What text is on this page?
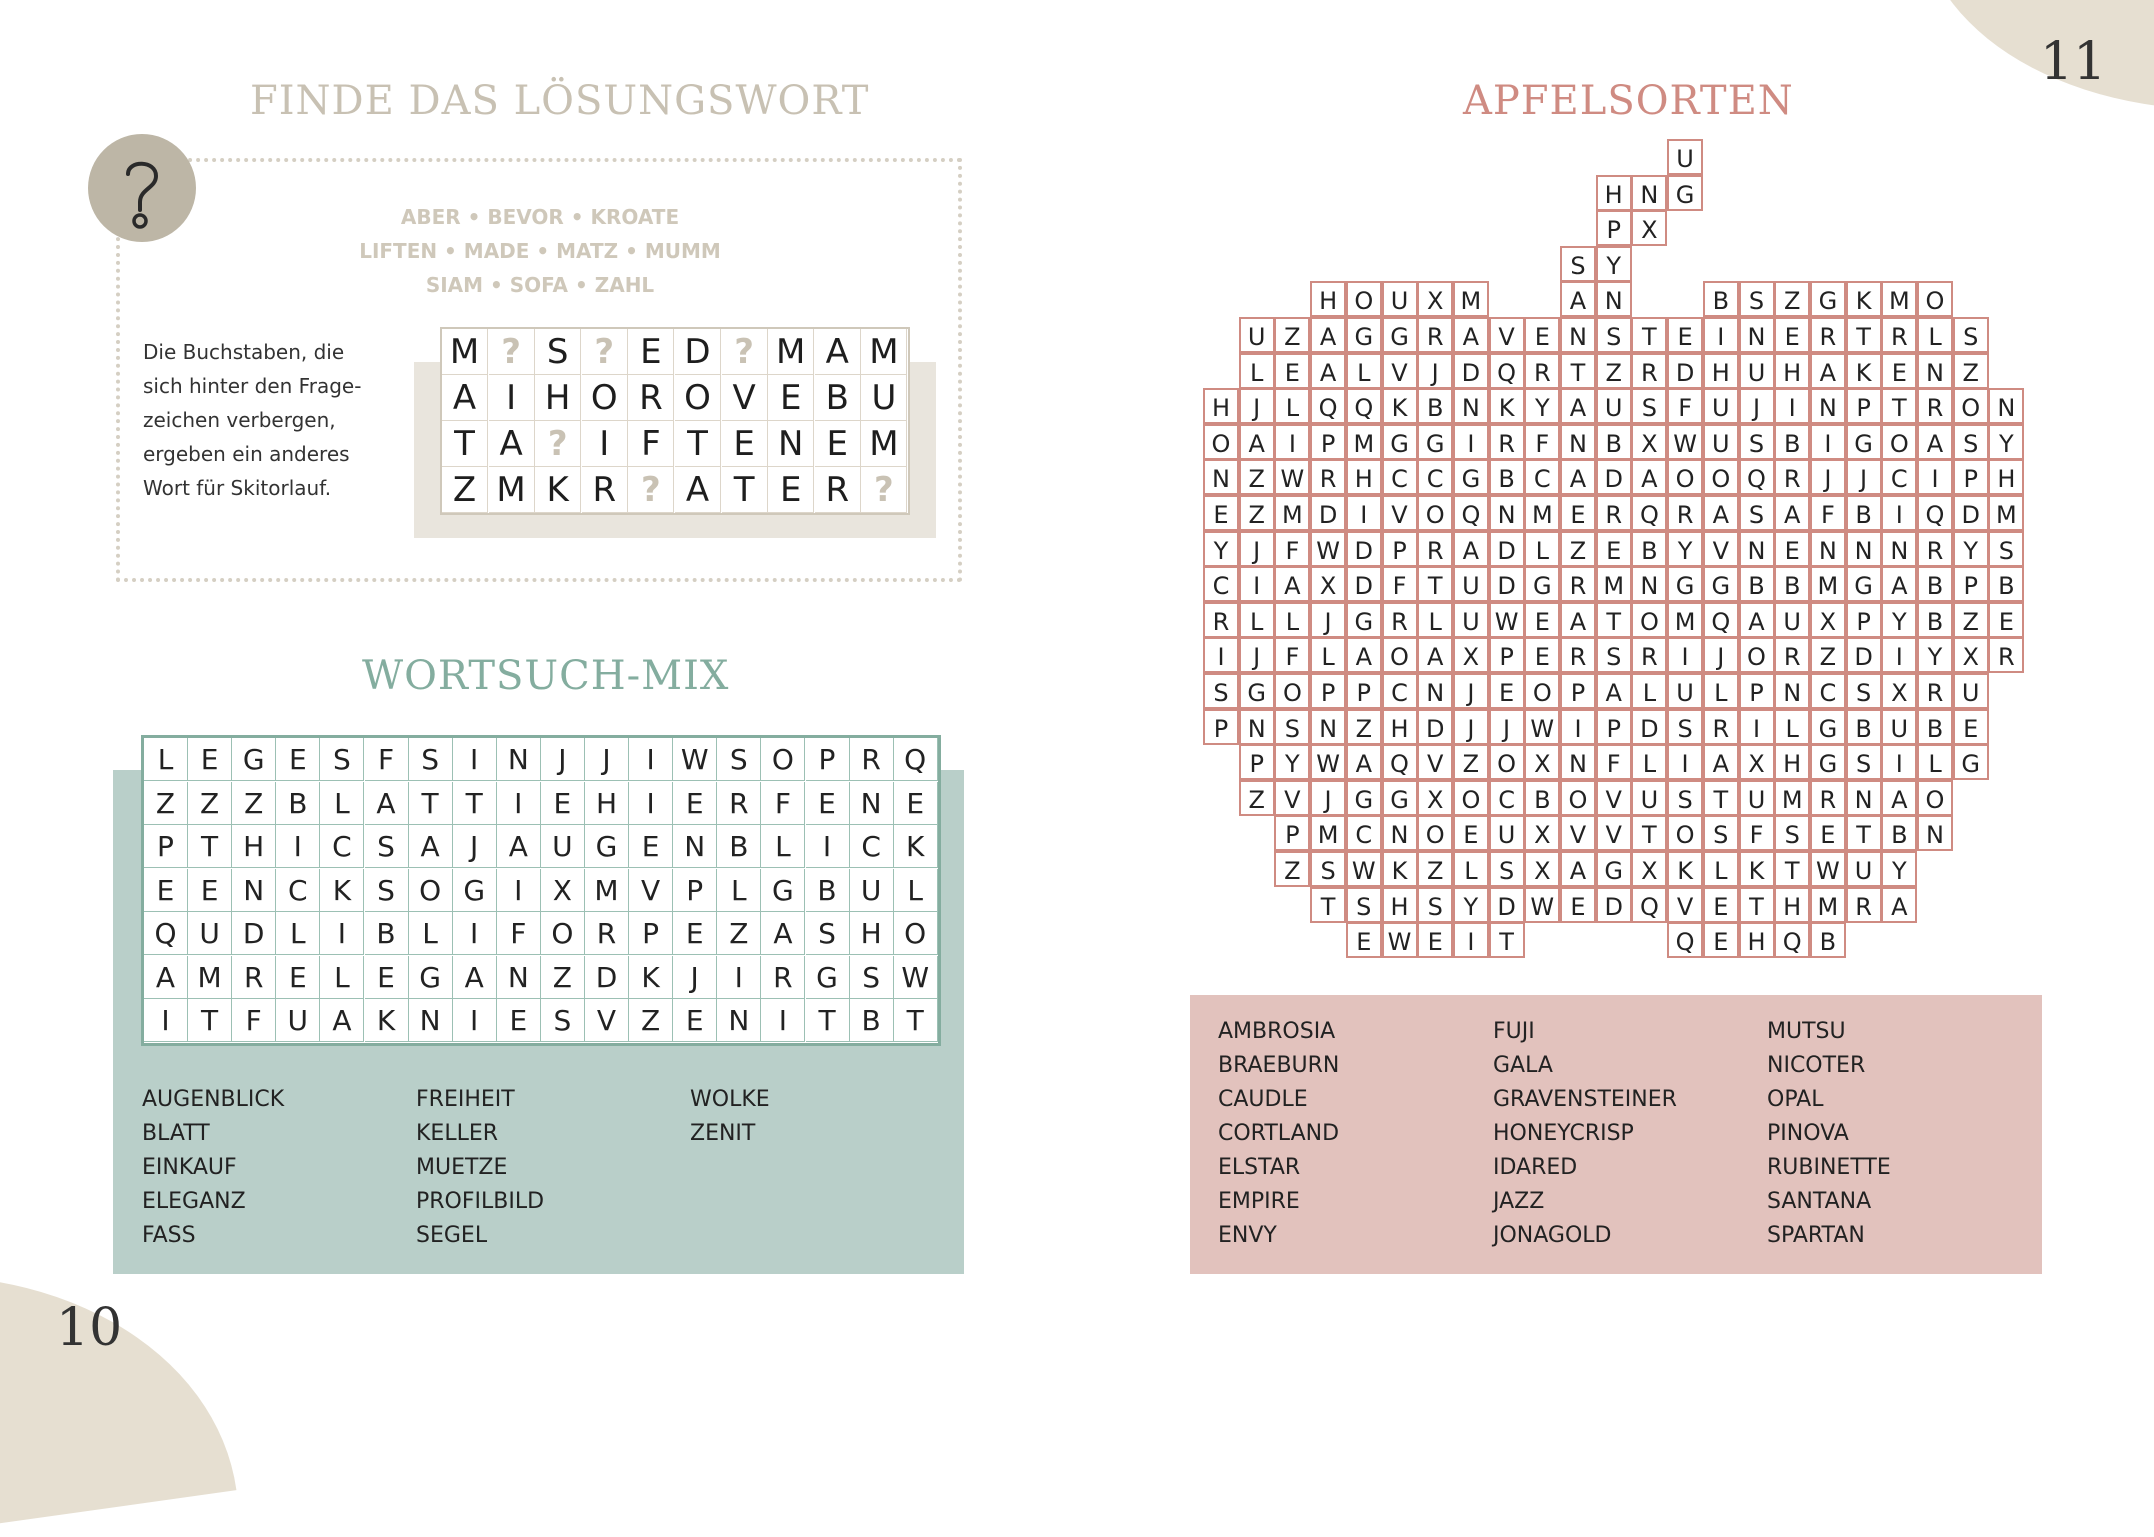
10
11
FINDE DAS LÖSUNGSWORT
ABER • BEVOR • KROATE
LIFTEN • MADE • MATZ • MUMM
SIAM • SOFA • ZAHL
Die Buchstaben, die
sich hinter den Frage-
zeichen verbergen,
ergeben ein anderes
Wort für Skitorlauf.
M ? S ? E D ? M A M
A I H O R O V E B U
T A ? I F T E N E M
Z M K R ? A T E R ?
WORTSUCH-MIX
L E G E S F S	I	N	J	J	I W S O P R Q
Z Z Z B L A T T	I	E H	I	E R F E N E
P T H	I	C S A	J	A U G E N B L	I	C K
E E N C K S O G	I	X M V P L G B U L
Q U D L	I	B L	I	F O R P E Z A S H O
A M R E L E G A N Z D K	J	I	R G S W
I	T F U A K N	I	E S V Z E N	I	T B T
AUGENBLICK
BLATT
EINKAUF
ELEGANZ
FASS
FREIHEIT
KELLER
MUETZE
PROFILBILD
SEGEL
WOLKE
ZENIT
APFELSORTEN
U
H N G
P X
S Y
H O U X M	A N	B S Z G K M O
U Z A G G R A V E N S T E	I N E R T R L S
L E A L V J D Q R T Z R D H U H A K E N Z
H J	L Q Q K B N K Y A U S F U J	I N P T R O N
O A I	P M G G I R F N B X W U S B I G O A S Y
N Z W R H C C G B C A D A O O Q R J	J C I	P H
E Z M D I V O Q N M E R Q R A S A F B I Q D M
Y	J	F W D P R A D L Z E B Y V N E N N N R Y S
C I A X D F T U D G R M N G G B B M G A B P B
R L L	J G R L U W E A T O M Q A U X P Y B Z E
I	J	F L A O A X P E R S R I	J O R Z D I	Y X R
S G O P P C N J	E O P A L U L P N C S X R U
P N S N Z H D J	J W I	P D S R I	L G B U B E
P Y W A Q V Z O X N F L	I A X H G S	I	L G
Z V J G G X O C B O V U S T U M R N A O
P M C N O E U X V V T O S F S E T B N
Z S W K Z L S X A G X K L K T W U Y
T S H S Y D W E D Q V E T H M R A
E W E	I	T	Q E H Q B
AMBROSIA
BRAEBURN
CAUDLE
CORTLAND
ELSTAR
EMPIRE
ENVY
FUJI
GALA
GRAVENSTEINER
HONEYCRISP
IDARED
JAZZ
JONAGOLD
MUTSU
NICOTER
OPAL
PINOVA
RUBINETTE
SANTANA
SPARTAN
